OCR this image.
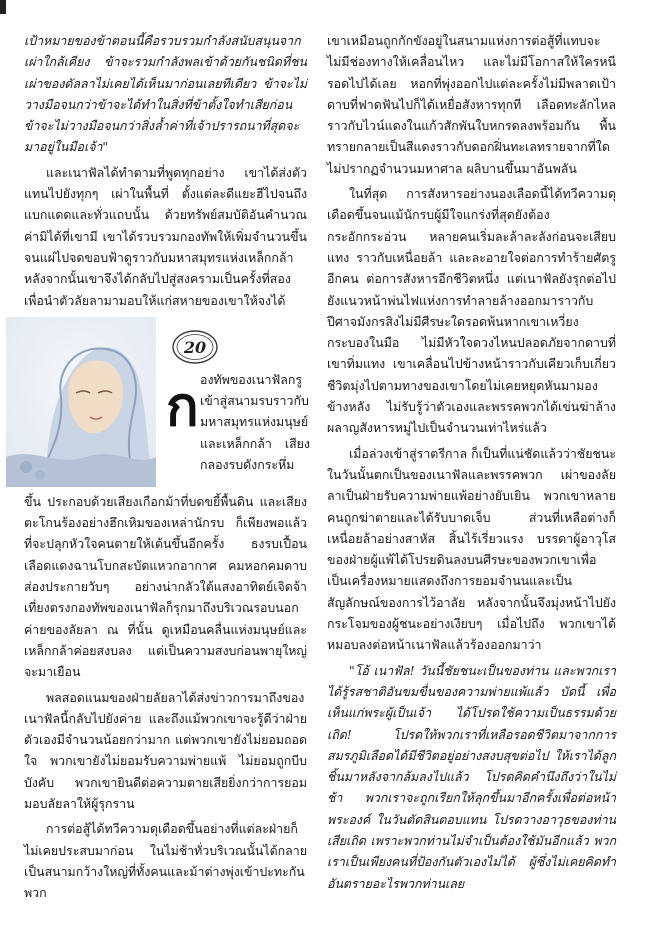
เป้าหมายของข้าตอนนี้คือรวบรวมกำลังสนับสนุนจากเผ่าใกล้เคียง ข้าจะรวมกำลังพลเข้าด้วยกันชนิดที่ชนเผ่าของดัลลาไม่เคยได้เห็นมาก่อนเลยทีเดียว ข้าจะไม่วางมือจนกว่าข้าจะได้ทำในสิ่งที่ข้าตั้งใจทำเสียก่อนข้าจะไม่วางมือจนกว่าสิ่งล้ำค่าที่เจ้าปรารถนาที่สุดจะมาอยู่ในมือเจ้า"

และเนาฟัลได้ทำตามที่พูดทุกอย่าง เขาได้ส่งตัวแทนไปยังทุกๆ เผ่าในพื้นที่ ตั้งแต่ละดีแยะฮีไปจนถึงแบกแดดและทั่วแถบนั้น ด้วยทรัพย์สมบัติอันคำนวณค่ามิได้ที่เขามี เขาได้รวบรวมกองทัพให้เพิ่มจำนวนขึ้นจนแผ่ไปจดขอบฟ้าดูราวกับมหาสมุทรแห่งเหล็กกล้า หลังจากนั้นเขาจึงได้กลับไปสู่สงครามเป็นครั้งที่สอง เพื่อนำตัวลัยลามามอบให้แก่สหายของเขาให้จงได้

20
ก องทัพของเนาฟัลกรูเข้าสู่สนามรบราวกับมหาสมุทรแห่งมนุษย์และเหล็กกล้า เสียงกลองรบดังกระหึ่ม

ขึ้น ประกอบด้วยเสียงเกือกม้าที่บดขยี้พื้นดิน และเสียงตะโกนร้องอย่างฮึกเหิมของเหล่านักรบ ก็เพียงพอแล้วที่จะปลุกหัวใจคนตายให้เต้นขึ้นอีกครั้ง ธงรบเปื้อนเลือดแดงฉานโบกสะบัดแหวกอากาศ คมหอกคมดาบส่องประกายวับๆ อย่างน่ากลัวใต้แสงอาทิตย์เจิดจ้า เที่ยงตรงกองทัพของเนาฟัลก็รุกมาถึงบริเวณรอบนอกค่ายของลัยลา ณ ที่นั้น ดูเหมือนคลื่นแห่งมนุษย์และเหล็กกล้าค่อยสงบลง แต่เป็นความสงบก่อนพายุใหญ่จะมาเยือน

พลสอดแนมของฝ่ายลัยลาได้ส่งข่าวการมาถึงของเนาฟัลนี้กลับไปยังค่าย และถึงแม้พวกเขาจะรู้ดีว่าฝ่ายตัวเองมีจำนวนน้อยกว่ามาก แต่พวกเขายังไม่ยอมถอดใจ พวกเขายังไม่ยอมรับความพ่ายแพ้ ไม่ยอมถูกบีบบังคับ พวกเขายินดีต่อความตายเสียยิ่งกว่าการยอมมอบลัยลาให้ผู้รุกราน

การต่อสู้ได้ทวีความดุเดือดขึ้นอย่างที่แต่ละฝ่ายก็ไม่เคยประสบมาก่อน ในไม่ช้าทั่วบริเวณนั้นได้กลายเป็นสนามกว้างใหญ่ที่ทั้งคนและม้าต่างพุ่งเข้าปะทะกัน พวก

เขาเหมือนถูกกักขังอยู่ในสนามแห่งการต่อสู้ที่แทบจะไม่มีช่องทางให้เคลื่อนไหว และไม่มีโอกาสให้ใครหนีรอดไปได้เลย หอกที่พุ่งออกไปแต่ละครั้งไม่มีพลาดเป้า ดาบที่ฟาดฟันไปก็ได้เหยื่อสังหารทุกที เลือดทะลักไหลราวกับไวน์แดงในแก้วสักพันใบหกรดลงพร้อมกัน พื้นทรายกลายเป็นสีแดงราวกับดอกฝิ่นทะเลทรายจากที่ใดไม่ปรากฏจำนวนมหาศาล ผลิบานขึ้นมาอันพลัน

ในที่สุด การสังหารอย่างนองเลือดนี้ได้ทวีความดุเดือดขึ้นจนแม้นักรบผู้มีใจแกร่งที่สุดยังต้องกระอักกระอ่วน หลายคนเริ่มละล้าละลังก่อนจะเสียบแทง ราวกับเหนื่อยล้า และละอายใจต่อการทำร้ายศัตรูอีกคน ต่อการสังหารอีกชีวิตหนึ่ง แต่เนาฟัลยังรุกต่อไปยังแนวหน้าพ่นไฟแห่งการทำลายล้างออกมาราวกับปีศาจมังกรสิงไม่มีศีรษะใดรอดพ้นหากเขาเหวี่ยงกระบองในมือ ไม่มีหัวใจดวงไหนปลอดภัยจากดาบที่เขาทิ่มแทง เขาเคลื่อนไปข้างหน้าราวกับเคียวเก็บเกี่ยวชีวิตมุ่งไปตามทางของเขาโดยไม่เคยหยุดหันมามองข้างหลัง ไม่รับรู้ว่าตัวเองและพรรคพวกได้เข่นฆ่าล้างผลาญสังหารหมู่ไปเป็นจำนวนเท่าไหร่แล้ว

เมื่อล่วงเข้าสู่ราตรีกาล ก็เป็นที่แน่ชัดแล้วว่าชัยชนะในวันนั้นตกเป็นของเนาฟัลและพรรคพวก เผ่าของลัยลาเป็นฝ่ายรับความพ่ายแพ้อย่างยับเยิน พวกเขาหลายคนถูกฆ่าตายและได้รับบาดเจ็บ ส่วนที่เหลือต่างก็เหนื่อยล้าอย่างสาหัส สิ้นไร้เรี่ยวแรง บรรดาผู้อาวุโสของฝ่ายผู้แพ้ได้โปรยดินลงบนศีรษะของพวกเขาเพื่อเป็นเครื่องหมายแสดงถึงการยอมจำนนและเป็นสัญลักษณ์ของการไว้อาลัย หลังจากนั้นจึงมุ่งหน้าไปยังกระโจมของผู้ชนะอย่างเงียบๆ เมื่อไปถึง พวกเขาได้หมอบลงต่อหน้าเนาฟัลแล้วร้องออกมาว่า

"โอ้ เนาฟัล! วันนี้ชัยชนะเป็นของท่าน และพวกเราได้รู้รสชาติอันขมขื่นของความพ่ายแพ้แล้ว บัดนี้ เพื่อเห็นแก่พระผู้เป็นเจ้า ได้โปรดใช้ความเป็นธรรมด้วยเถิด! โปรดให้พวกเราที่เหลือรอดชีวิตมาจากการสมรภูมิเลือดได้มีชีวิตอยู่อย่างสงบสุขต่อไป ให้เราได้ลูกชิ้นมาหลังจากล้มลงไปแล้ว โปรดคิดคำนึงถึงว่าในไม่ช้า พวกเราจะถูกเรียกให้ลุกขึ้นมาอีกครั้งเพื่อต่อหน้าพระองค์ ในวันตัดสินตอบแทน โปรดวางอาวุธของท่านเสียเถิด เพราะพวกท่านไม่จำเป็นต้องใช้มันอีกแล้ว พวกเราเป็นเพียงคนที่ป้องกันตัวเองไม่ได้ ผู้ซึ่งไม่เคยคิดทำอันตรายอะไรพวกท่านเลย
